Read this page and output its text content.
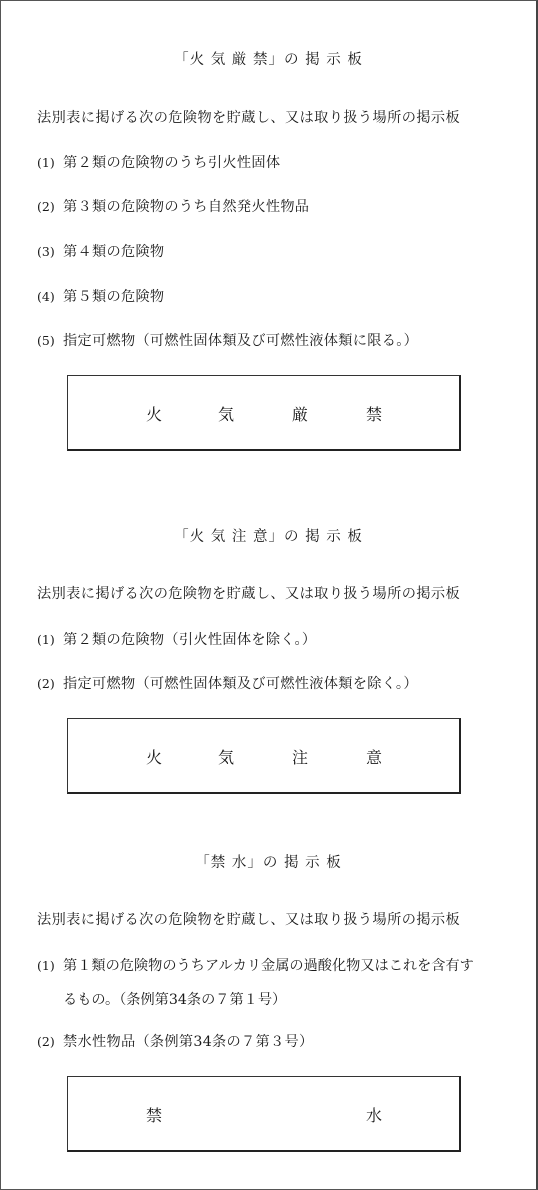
「火 気 厳 禁」の 掲 示 板
法別表に掲げる次の危険物を貯蔵し、又は取り扱う場所の掲示板
(1) 第２類の危険物のうち引火性固体
(2) 第３類の危険物のうち自然発火性物品
(3) 第４類の危険物
(4) 第５類の危険物
(5) 指定可燃物（可燃性固体類及び可燃性液体類に限る。）
火	気	厳	禁
「火 気 注 意」の 掲 示 板
法別表に掲げる次の危険物を貯蔵し、又は取り扱う場所の掲示板
(1) 第２類の危険物（引火性固体を除く。）
(2) 指定可燃物（可燃性固体類及び可燃性液体類を除く。）
火	気	注	意
「禁 水」の 掲 示 板
法別表に掲げる次の危険物を貯蔵し、又は取り扱う場所の掲示板
(1) 第１類の危険物のうちアルカリ金属の過酸化物又はこれを含有す
るもの。（条例第34条の７第１号）
(2) 禁水性物品（条例第34条の７第３号）
禁	水
